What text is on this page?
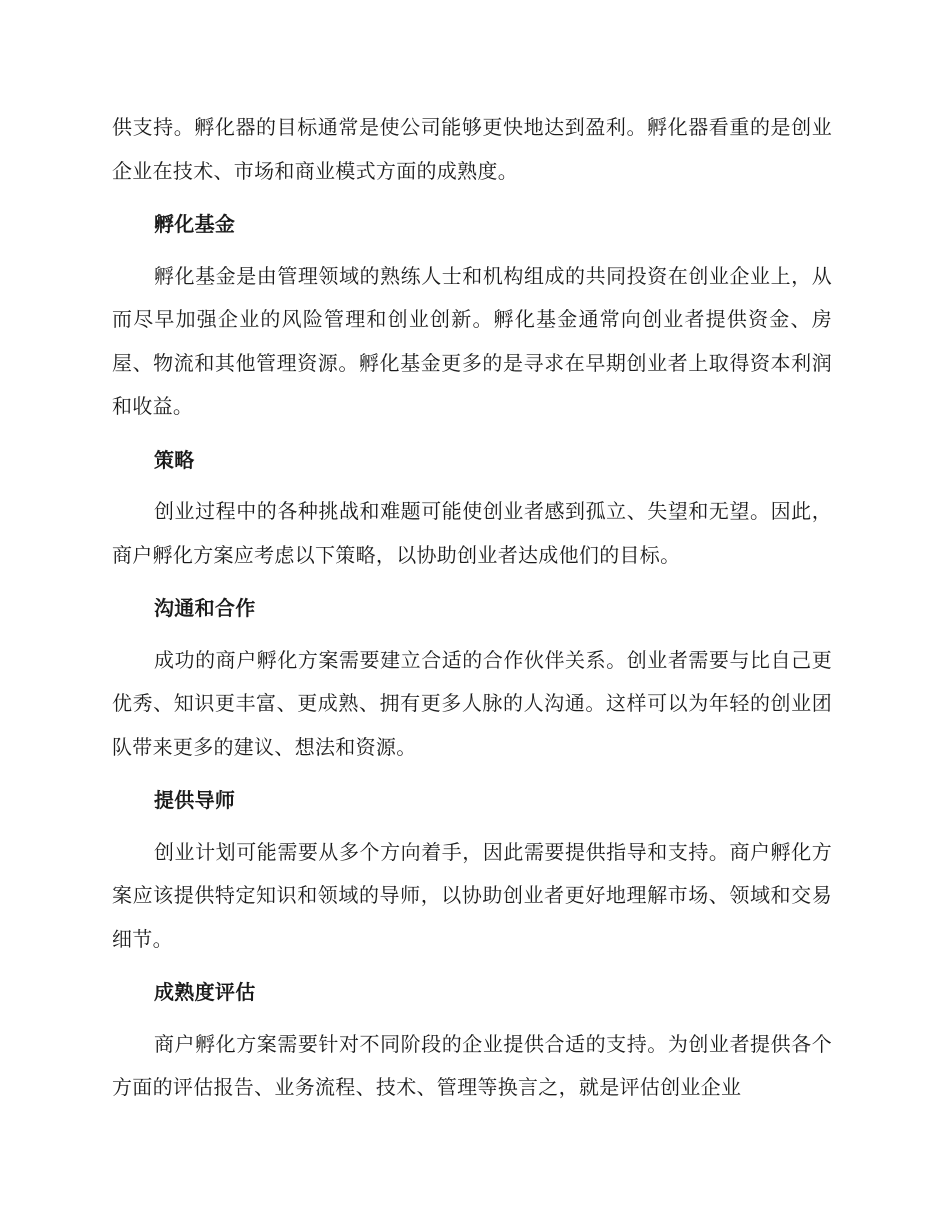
供支持。孵化器的目标通常是使公司能够更快地达到盈利。孵化器看重的是创业企业在技术、市场和商业模式方面的成熟度。

孵化基金

孵化基金是由管理领域的熟练人士和机构组成的共同投资在创业企业上，从而尽早加强企业的风险管理和创业创新。孵化基金通常向创业者提供资金、房屋、物流和其他管理资源。孵化基金更多的是寻求在早期创业者上取得资本利润和收益。

策略

创业过程中的各种挑战和难题可能使创业者感到孤立、失望和无望。因此，商户孵化方案应考虑以下策略，以协助创业者达成他们的目标。

沟通和合作

成功的商户孵化方案需要建立合适的合作伙伴关系。创业者需要与比自己更优秀、知识更丰富、更成熟、拥有更多人脉的人沟通。这样可以为年轻的创业团队带来更多的建议、想法和资源。

提供导师

创业计划可能需要从多个方向着手，因此需要提供指导和支持。商户孵化方案应该提供特定知识和领域的导师，以协助创业者更好地理解市场、领域和交易细节。

成熟度评估

商户孵化方案需要针对不同阶段的企业提供合适的支持。为创业者提供各个方面的评估报告、业务流程、技术、管理等换言之，就是评估创业企业
